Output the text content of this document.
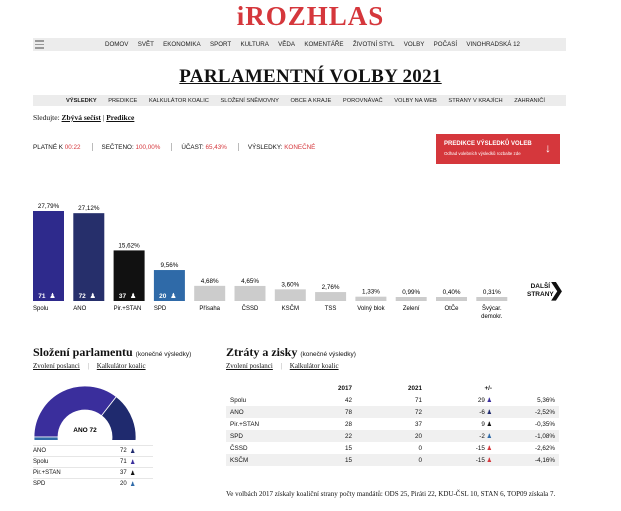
iROZHLAS
DOMOV SVĚT EKONOMIKA SPORT KULTURA VĚDA KOMENTÁŘE ŽIVOTNÍ STYL VOLBY POČASÍ VINOHRADSKÁ 12
PARLAMENTNÍ VOLBY 2021
VÝSLEDKY PREDIKCE KALKULÁTOR KOALIC SLOŽENÍ SNĚMOVNY OBCE A KRAJE POROVNÁVAČ VOLBY NA WEB STRANY V KRAJÍCH ZAHRANIČÍ
Sledujte: Zbývá sečíst | Predikce
PLATNÉ K 00:22	SEČTENO: 100,00%	ÚČAST: 65,43%	VÝSLEDKY: KONEČNÉ	PREDIKCE VÝSLEDKŮ VOLEB
Odhad volebních výsledků rozbalte zde ↓
27,79%
71 ♟
Spolu
27,12%
72 ♟
ANO
15,62%
37 ♟
Pir.+STAN
9,56%
20 ♟
SPD
4,68%
Přísaha
4,65%
ČSSD
3,60%
KSČM
2,76%
TSS
1,33%
Volný blok
0,99%
Zelení
0,40%
OtČe
0,31%
Švýcar.
demokr.
DALŠÍ
STRANY
❯
Složení parlamentu (konečné výsledky)
Zvolení poslanci | Kalkulátor koalic
ANO 72
ANO	72 ♟
Spolu	71 ♟
Pir.+STAN	37 ♟
SPD	20 ♟
Ztráty a zisky (konečné výsledky)
Zvolení poslanci | Kalkulátor koalic
	2017	2021	+/-	
Spolu	42	71	29 ♟	5,36%
ANO	78	72	-6 ♟	-2,52%
Pir.+STAN	28	37	9 ♟	-0,35%
SPD	22	20	-2 ♟	-1,08%
ČSSD	15	0	-15 ♟	-2,62%
KSČM	15	0	-15 ♟	-4,16%
Ve volbách 2017 získaly koaliční strany počty mandátů: ODS 25, Piráti 22, KDU-ČSL 10, STAN 6, TOP09 získala 7.
